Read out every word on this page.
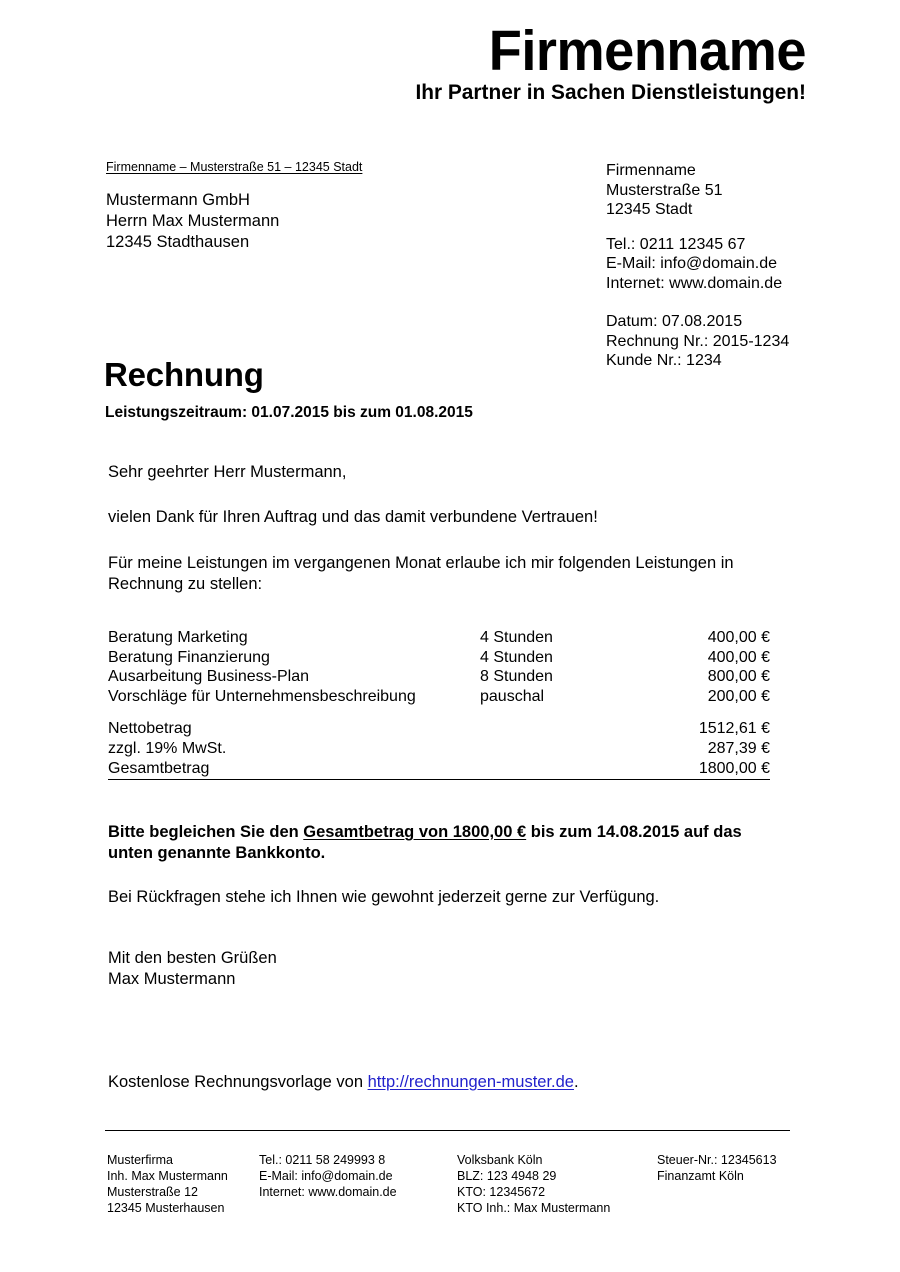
Firmenname
Ihr Partner in Sachen Dienstleistungen!
Firmenname – Musterstraße 51 – 12345 Stadt
Mustermann GmbH
Herrn Max Mustermann
12345 Stadthausen
Firmenname
Musterstraße 51
12345 Stadt
Tel.: 0211 12345 67
E-Mail: info@domain.de
Internet: www.domain.de
Datum: 07.08.2015
Rechnung Nr.: 2015-1234
Kunde Nr.: 1234
Rechnung
Leistungszeitraum: 01.07.2015 bis zum 01.08.2015

Sehr geehrter Herr Mustermann,

vielen Dank für Ihren Auftrag und das damit verbundene Vertrauen!

Für meine Leistungen im vergangenen Monat erlaube ich mir folgenden Leistungen in Rechnung zu stellen:

Beratung Marketing	4 Stunden	400,00 €
Beratung Finanzierung	4 Stunden	400,00 €
Ausarbeitung Business-Plan	8 Stunden	800,00 €
Vorschläge für Unternehmensbeschreibung	pauschal	200,00 €
Nettobetrag	1512,61 €
zzgl. 19% MwSt.	287,39 €
Gesamtbetrag	1800,00 €
Bitte begleichen Sie den Gesamtbetrag von 1800,00 € bis zum 14.08.2015 auf das unten genannte Bankkonto.
Bei Rückfragen stehe ich Ihnen wie gewohnt jederzeit gerne zur Verfügung.
Mit den besten Grüßen
Max Mustermann
Kostenlose Rechnungsvorlage von http://rechnungen-muster.de.
Musterfirma
Inh. Max Mustermann
Musterstraße 12
12345 Musterhausen
Tel.: 0211 58 249993 8
E-Mail: info@domain.de
Internet: www.domain.de
Volksbank Köln
BLZ: 123 4948 29
KTO: 12345672
KTO Inh.: Max Mustermann
Steuer-Nr.: 12345613
Finanzamt Köln
